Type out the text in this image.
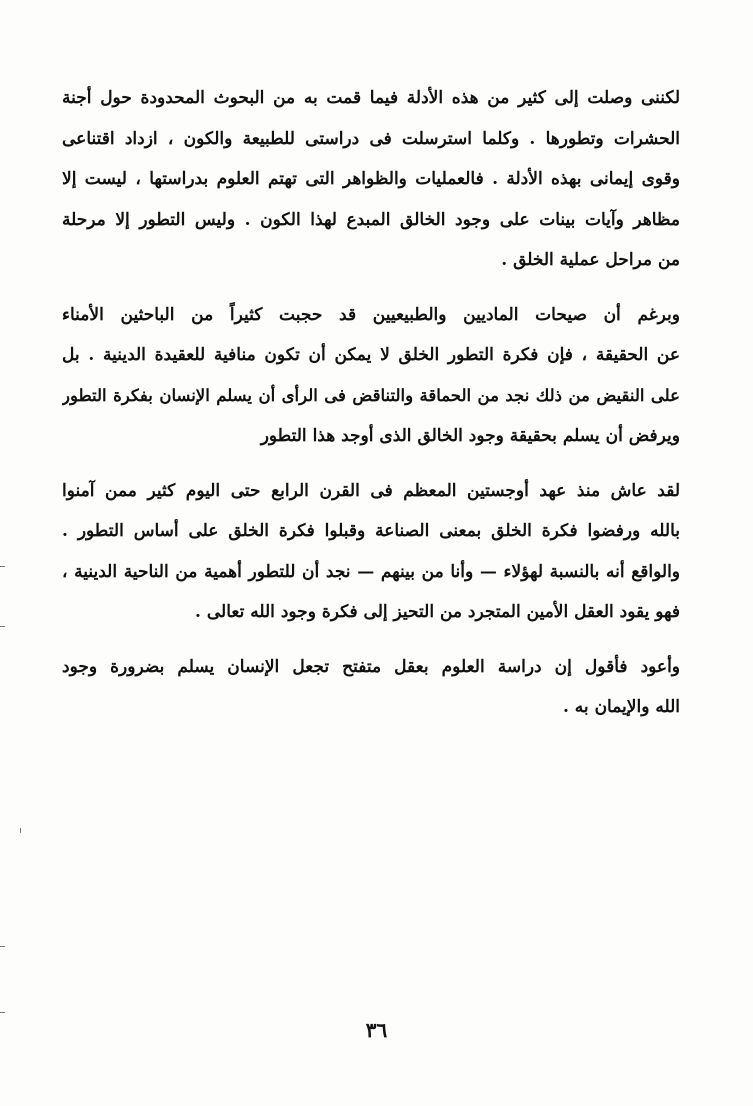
لكننى وصلت إلى كثير من هذه الأدلة فيما قمت به من البحوث المحدودة حول أجنة
الحشرات وتطورها . وكلما استرسلت فى دراستى للطبيعة والكون ، ازداد اقتناعى
وقوى إيمانى بهذه الأدلة . فالعمليات والظواهر التى تهتم العلوم بدراستها ، ليست إلا
مظاهر وآيات بينات على وجود الخالق المبدع لهذا الكون . وليس التطور إلا مرحلة
من مراحل عملية الخلق .
وبرغم أن صيحات الماديين والطبيعيين قد حجبت كثيراً من الباحثين الأمناء
عن الحقيقة ، فإن فكرة التطور الخلق لا يمكن أن تكون منافية للعقيدة الدينية . بل
على النقيض من ذلك نجد من الحماقة والتناقض فى الرأى أن يسلم الإنسان بفكرة التطور
ويرفض أن يسلم بحقيقة وجود الخالق الذى أوجد هذا التطور
لقد عاش منذ عهد أوجستين المعظم فى القرن الرابع حتى اليوم كثير ممن آمنوا
بالله ورفضوا فكرة الخلق بمعنى الصناعة وقبلوا فكرة الخلق على أساس التطور .
والواقع أنه بالنسبة لهؤلاء — وأنا من بينهم — نجد أن للتطور أهمية من الناحية الدينية ،
فهو يقود العقل الأمين المتجرد من التحيز إلى فكرة وجود الله تعالى .
وأعود فأقول إن دراسة العلوم بعقل متفتح تجعل الإنسان يسلم بضرورة وجود
الله والإيمان به .
٣٦
